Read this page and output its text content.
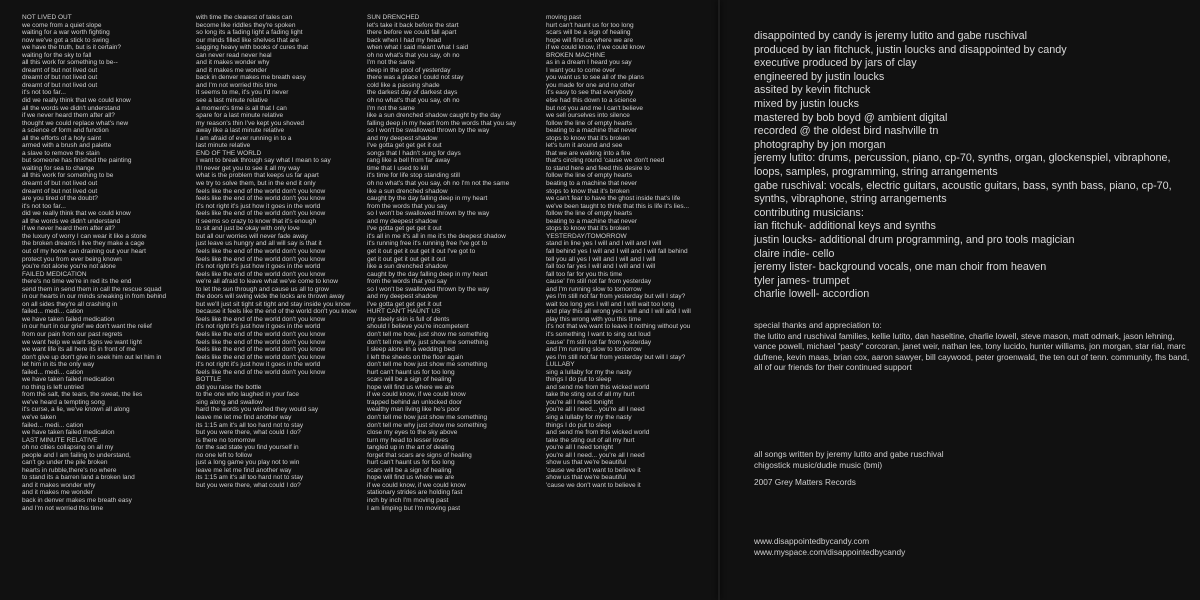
NOT LIVED OUT
we come from a quiet slope
waiting for a war worth fighting
now we've got a stick to swing
we have the truth, but is it certain?
waiting for the sky to fall
all this work for something to be--
dreamt of but not lived out
dreamt of but not lived out
dreamt of but not lived out
it's not too far...
did we really think that we could know
all the words we didn't understand
if we never heard them after all?
thought we could replace what's new
a science of form and function
all the efforts of a holy saint
armed with a brush and palette
a slave to remove the stain
but someone has finished the painting
waiting for sea to change
all this work for something to be
dreamt of but not lived out
dreamt of but not lived out
are you tired of the doubt?
it's not too far...
did we really think that we could know
all the words we didn't understand
if we never heard them after all?
the luxury of worry I can wear it like a stone
the broken dreams I live they make a cage
out of my home can draining out your heart
protect you from ever being known
you're not alone you're not alone
FAILED MEDICATION
there's no time we're in red its the end
send them in send them in call the rescue squad
in our hearts in our minds sneaking in from behind
on all sides they're all crashing in
failed... medi... cation
we have taken failed medication
in our hurt in our grief we don't want the relief
from our pain from our past regrets
we want help we want signs we want light
we want life its all here its in front of me
don't give up don't give in seek him out let him in
let him in its the only way
failed... medi... cation
we have taken failed medication
no thing is left untried
from the salt, the tears, the sweat, the lies
we've heard a tempting song
it's curse, a lie, we've known all along
we've taken
failed... medi... cation
we have taken failed medication
LAST MINUTE RELATIVE
oh no cities collapsing on all my
people and I am failing to understand,
can't go under the pile broken
hearts in rubble,there's no where
to stand its a barren land a broken land
and it makes wonder why
and it makes me wonder
back in denver makes me breath easy
and I'm not worried this time
with time the clearest of tales can
become like riddles they're spoken
so long its a fading light a fading light
our minds filled like shelves that are
sagging heavy with books of cures that
can never read never heal
and it makes wonder why
and it makes me wonder
back in denver makes me breath easy
and I'm not worried this time
it seems to me, it's you I'd never
see a last minute relative
a moment's time is all that I can
spare for a last minute relative
my reason's thin I've kept you shoved
away like a last minute relative
I am afraid of ever running in to a
last minute relative
END OF THE WORLD
I want to break through say what I mean to say
I'll never get you to see it all my way
what is the problem that keeps us far apart
we try to solve them, but in the end it only
feels like the end of the world don't you know
feels like the end of the world don't you know
it's not right it's just how it goes in the world
feels like the end of the world don't you know
it seems so crazy to know that it's enough
to sit and just be okay with only love
but all our worries will never fade away
just leave us hungry and all will say is that it
feels like the end of the world don't you know
feels like the end of the world don't you know
it's not right it's just how it goes in the world
feels like the end of the world don't you know
we're all afraid to leave what we've come to know
to let the sun through and cause us all to grow
the doors will swing wide the locks are thrown away
but we'll just sit tight sit tight and stay inside you know
because it feels like the end of the world don't you know
feels like the end of the world don't you know
it's not right it's just how it goes in the world
feels like the end of the world don't you know
feels like the end of the world don't you know
feels like the end of the world don't you know
feels like the end of the world don't you know
it's not right it's just how it goes in the world
feels like the end of the world don't you know
BOTTLE
did you raise the bottle
to the one who laughed in your face
sing along and swallow
hard the words you wished they would say
leave me let me find another way
its 1:15 am it's all too hard not to stay
but you were there, what could I do?
is there no tomorrow
for the sad state you find yourself in
no one left to follow
just a long game you play not to win
leave me let me find another way
its 1:15 am it's all too hard not to stay
but you were there, what could I do?
SUN DRENCHED
let's take it back before the start
there before we could fall apart
back when I had my head
when what I said meant what I said
oh no what's that you say, oh no
I'm not the same
deep in the pool of yesterday
there was a place I could not stay
cold like a passing shade
the darkest day of darkest days
oh no what's that you say, oh no
I'm not the same
like a sun drenched shadow caught by the day
falling deep in my heart from the words that you say
so I won't be swallowed thrown by the way
and my deepest shadow
I've gotta get get get it out
songs that I hadn't sung for days
rang like a bell from far away
time that I used to kill
it's time for life stop standing still
oh no what's that you say, oh no I'm not the same
like a sun drenched shadow
caught by the day falling deep in my heart
from the words that you say
so I won't be swallowed thrown by the way
and my deepest shadow
I've gotta get get get it out
it's all in me it's all in me it's the deepest shadow
it's running free it's running free I've got to
get it out get it out get it out I've got to
get it out get it out get it out
like a sun drenched shadow
caught by the day falling deep in my heart
from the words that you say
so I won't be swallowed thrown by the way
and my deepest shadow
I've gotta get get get it out
HURT CAN'T HAUNT US
my steely skin is full of dents
should I believe you're incompetent
don't tell me how, just show me something
don't tell me why, just show me something
I sleep alone in a wedding bed
I left the sheets on the floor again
don't tell me how just show me something
hurt can't haunt us for too long
scars will be a sign of healing
hope will find us where we are
if we could know, if we could know
trapped behind an unlocked door
wealthy man living like he's poor
don't tell me how just show me something
don't tell me why just show me something
close my eyes to the sky above
turn my head to lesser loves
tangled up in the art of dealing
forget that scars are signs of healing
hurt can't haunt us for too long
scars will be a sign of healing
hope will find us where we are
if we could know, if we could know
stationary strides are holding fast
inch by inch I'm moving past
I am limping but I'm moving past
moving past
hurt can't haunt us for too long
scars will be a sign of healing
hope will find us where we are
if we could know, if we could know
BROKEN MACHINE
as in a dream I heard you say
I want you to come over
you want us to see all of the plans
you made for one and no other
it's easy to see that everybody
else had this down to a science
but not you and me I can't believe
we sell ourselves into silence
follow the line of empty hearts
beating to a machine that never
stops to know that it's broken
let's turn it around and see
that we are walking into a fire
that's circling round 'cause we don't need
to stand here and feed this desire to
follow the line of empty hearts
beating to a machine that never
stops to know that it's broken
we can't fear to have the ghost inside that's life
we've been taught to think that this is life it's lies...
follow the line of empty hearts
beating to a machine that never
stops to know that it's broken
YESTERDAY/TOMORROW
stand in line yes I will and I will and I will
fall behind yes I will and I will and I will fall behind
tell you all yes I will and I will and I will
fall too far yes I will and I will and I will
fall too far for you this time
cause' I'm still not far from yesterday
and I'm running slow to tomorrow
yes I'm still not far from yesterday but will I stay?
wait too long yes I will and I will wait too long
and play this all wrong yes I will and I will and I will
play this wrong with you this time
it's not that we want to leave it nothing without you
it's something I want to sing out loud
cause' I'm still not far from yesterday
and I'm running slow to tomorrow
yes I'm still not far from yesterday but will I stay?
LULLABY
sing a lullaby for my the nasty
things I do put to sleep
and send me from this wicked world
take the sting out of all my hurt
you're all I need tonight
you're all I need... you're all I need
sing a lullaby for my the nasty
things I do put to sleep
and send me from this wicked world
take the sting out of all my hurt
you're all I need tonight
you're all I need... you're all I need
show us that we're beautiful
'cause we don't want to believe it
show us that we're beautiful
'cause we don't want to believe it
disappointed by candy is jeremy lutito and gabe ruschival
produced by ian fitchuck, justin loucks and disappointed by candy
executive produced by jars of clay
engineered by justin loucks
assited by kevin fitchuck
mixed by justin loucks
mastered by bob boyd @ ambient digital
recorded @ the oldest bird nashville tn
photography by jon morgan
jeremy lutito: drums, percussion, piano, cp-70, synths, organ, glockenspiel, vibraphone, loops, samples, programming, string arrangements
gabe ruschival: vocals, electric guitars, acoustic guitars, bass, synth bass, piano, cp-70, synths, vibraphone, string arrangements
contributing musicians:
ian fitchuk- additional keys and synths
justin loucks- additional drum programming, and pro tools magician
claire indie- cello
jeremy lister- background vocals, one man choir from heaven
tyler james- trumpet
charlie lowell- accordion
special thanks and appreciation to:
the lutito and ruschival families, kellie lutito, dan haseltine, charlie lowell, steve mason, matt odmark, jason lehning, vance powell, michael "pasty" corcoran, janet weir, nathan lee, tony lucido, hunter williams, jon morgan, star rial, marc dufrene, kevin maas, brian cox, aaron sawyer, bill caywood, peter groenwald, the ten out of tenn. community, fhs band, all of our friends for their continued support
all songs written by jeremy lutito and gabe ruschival
chigostick music/dudie music (bmi)
2007 Grey Matters Records
www.disappointedbycandy.com
www.myspace.com/disappointedbycandy
